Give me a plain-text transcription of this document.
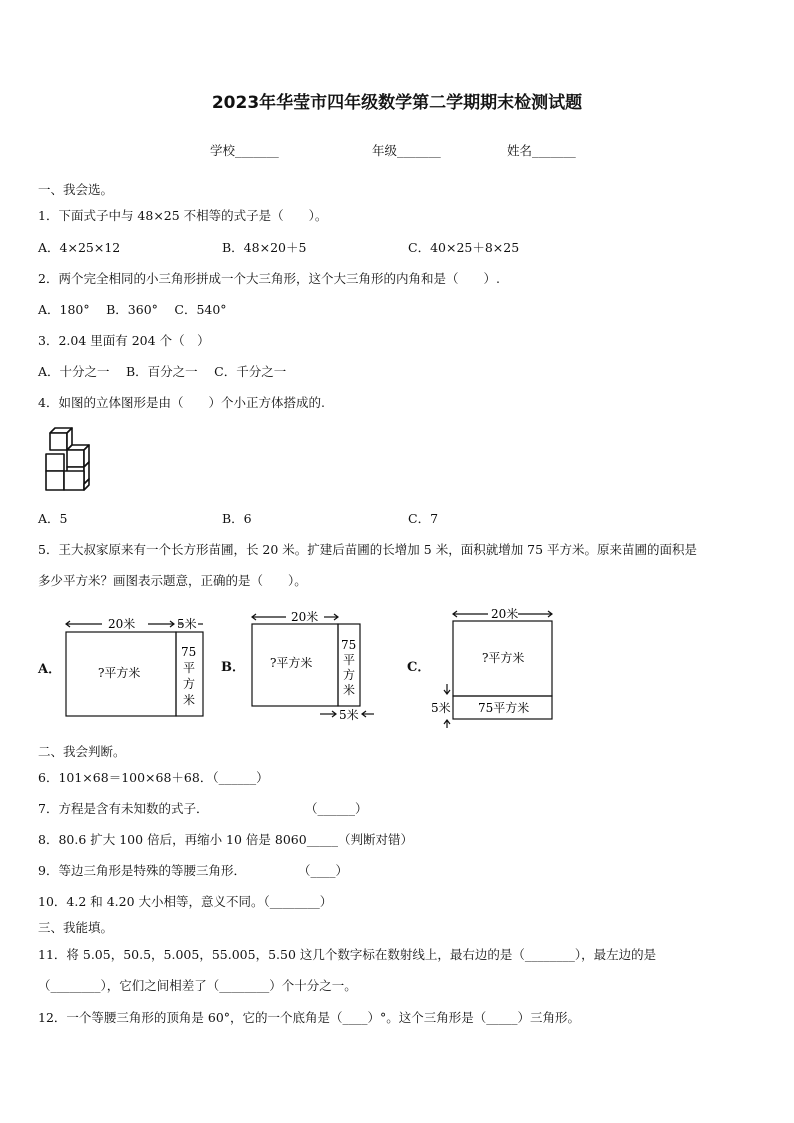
2023年华莹市四年级数学第二学期期末检测试题
学校_______	年级_______	姓名_______
一、我会选。
1．下面式子中与 48×25 不相等的式子是（　　）。
A．4×25×12	B．48×20＋5	C．40×25＋8×25
2．两个完全相同的小三角形拼成一个大三角形，这个大三角形的内角和是（　　）.
A．180°　 B．360°　 C．540°
3．2.04 里面有 204 个（　）
A．十分之一　 B．百分之一　 C．千分之一
4．如图的立体图形是由（　　）个小正方体搭成的.
A．5	B．6	C．7
5．王大叔家原来有一个长方形苗圃，长 20 米。扩建后苗圃的长增加 5 米，面积就增加 75 平方米。原来苗圃的面积是
多少平方米？画图表示题意，正确的是（　　）。
A．
20米	5米
?平方米
75
平
方
米
B．
20米
?平方米
75
平
方
米
5米
C．
20米
?平方米
5米 75平方米
二、我会判断。
6．101×68＝100×68＋68．（______）
7．方程是含有未知数的式子．	（______）
8．80.6 扩大 100 倍后，再缩小 10 倍是 8060_____（判断对错）
9．等边三角形是特殊的等腰三角形．	（____）
10．4.2 和 4.20 大小相等，意义不同。（________）
三、我能填。
11．将 5.05，50.5，5.005，55.005，5.50 这几个数字标在数射线上，最右边的是（________），最左边的是
（________），它们之间相差了（________）个十分之一。
12．一个等腰三角形的顶角是 60°，它的一个底角是（____）°。这个三角形是（_____）三角形。
